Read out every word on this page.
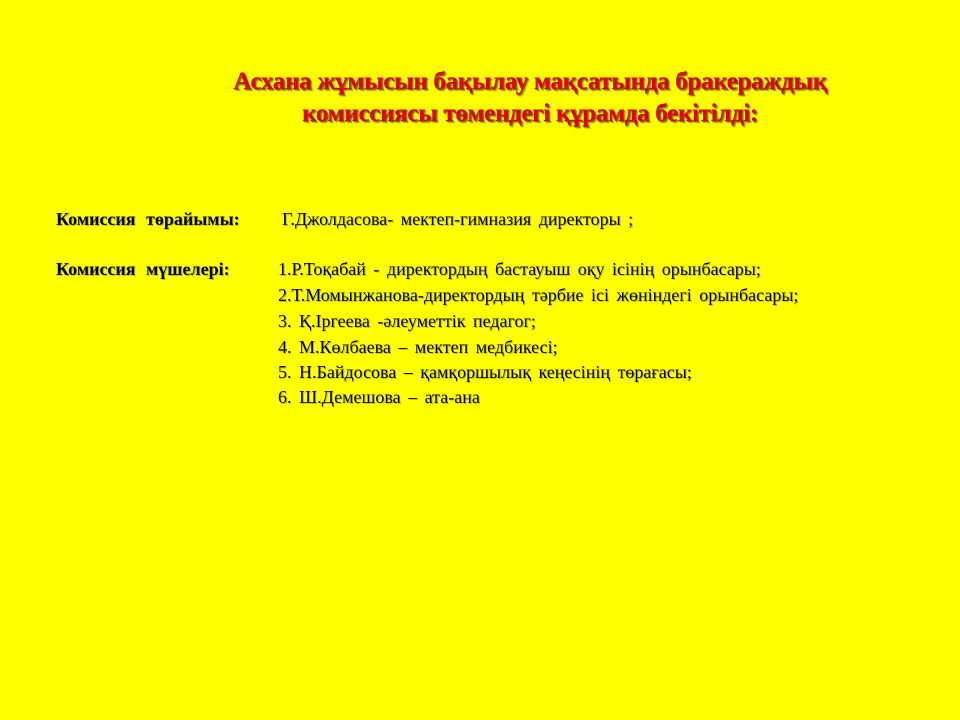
Асхана жұмысын бақылау мақсатында бракераждық
комиссиясы төмендегі құрамда бекітілді:
Комиссия төрайымы: Г.Джолдасова- мектеп-гимназия директоры ;
Комиссия мүшелері:	1.Р.Тоқабай - директордың бастауыш оқу ісінің орынбасары;
2.Т.Момынжанова-директордың тәрбие ісі жөніндегі орынбасары;
3. Қ.Іргеева -әлеуметтік педагог;
4. М.Көлбаева – мектеп медбикесі;
5. Н.Байдосова – қамқоршылық кеңесінің төрағасы;
6. Ш.Демешова – ата-ана
